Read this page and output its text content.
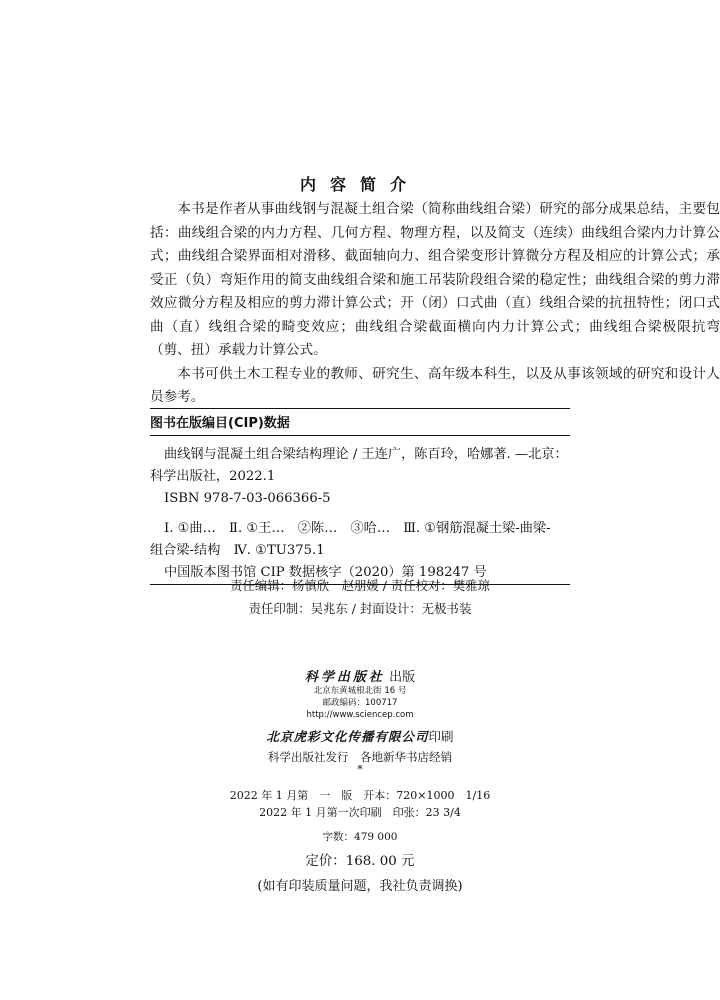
内容简介

本书是作者从事曲线钢与混凝土组合梁（简称曲线组合梁）研究的部分成果总结，主要包括：曲线组合梁的内力方程、几何方程、物理方程，以及简支（连续）曲线组合梁内力计算公式；曲线组合梁界面相对滑移、截面轴向力、组合梁变形计算微分方程及相应的计算公式；承受正（负）弯矩作用的简支曲线组合梁和施工吊装阶段组合梁的稳定性；曲线组合梁的剪力滞效应微分方程及相应的剪力滞计算公式；开（闭）口式曲（直）线组合梁的抗扭特性；闭口式曲（直）线组合梁的畸变效应；曲线组合梁截面横向内力计算公式；曲线组合梁极限抗弯（剪、扭）承载力计算公式。

本书可供土木工程专业的教师、研究生、高年级本科生，以及从事该领域的研究和设计人员参考。

图书在版编目(CIP)数据

曲线钢与混凝土组合梁结构理论 / 王连广，陈百玲，哈娜著. —北京：

科学出版社，2022.1

ISBN 978-7-03-066366-5

Ⅰ. ①曲…　Ⅱ. ①王…　②陈…　③哈…　Ⅲ. ①钢筋混凝土梁-曲梁-

组合梁-结构　Ⅳ. ①TU375.1

中国版本图书馆 CIP 数据核字（2020）第 198247 号

责任编辑：杨慎欣　赵朋媛 / 责任校对：樊雅琼
责任印制：吴兆东 / 封面设计：无极书装
科学出版社 出版
北京东黄城根北街 16 号
邮政编码：100717
http://www.sciencep.com
北京虎彩文化传播有限公司印刷
科学出版社发行　各地新华书店经销
*
2022 年 1 月第　一　版　开本：720×1000　1/16
2022 年 1 月第一次印刷　印张：23 3/4
字数：479 000
定价：168. 00 元
(如有印装质量问题，我社负责调换)
